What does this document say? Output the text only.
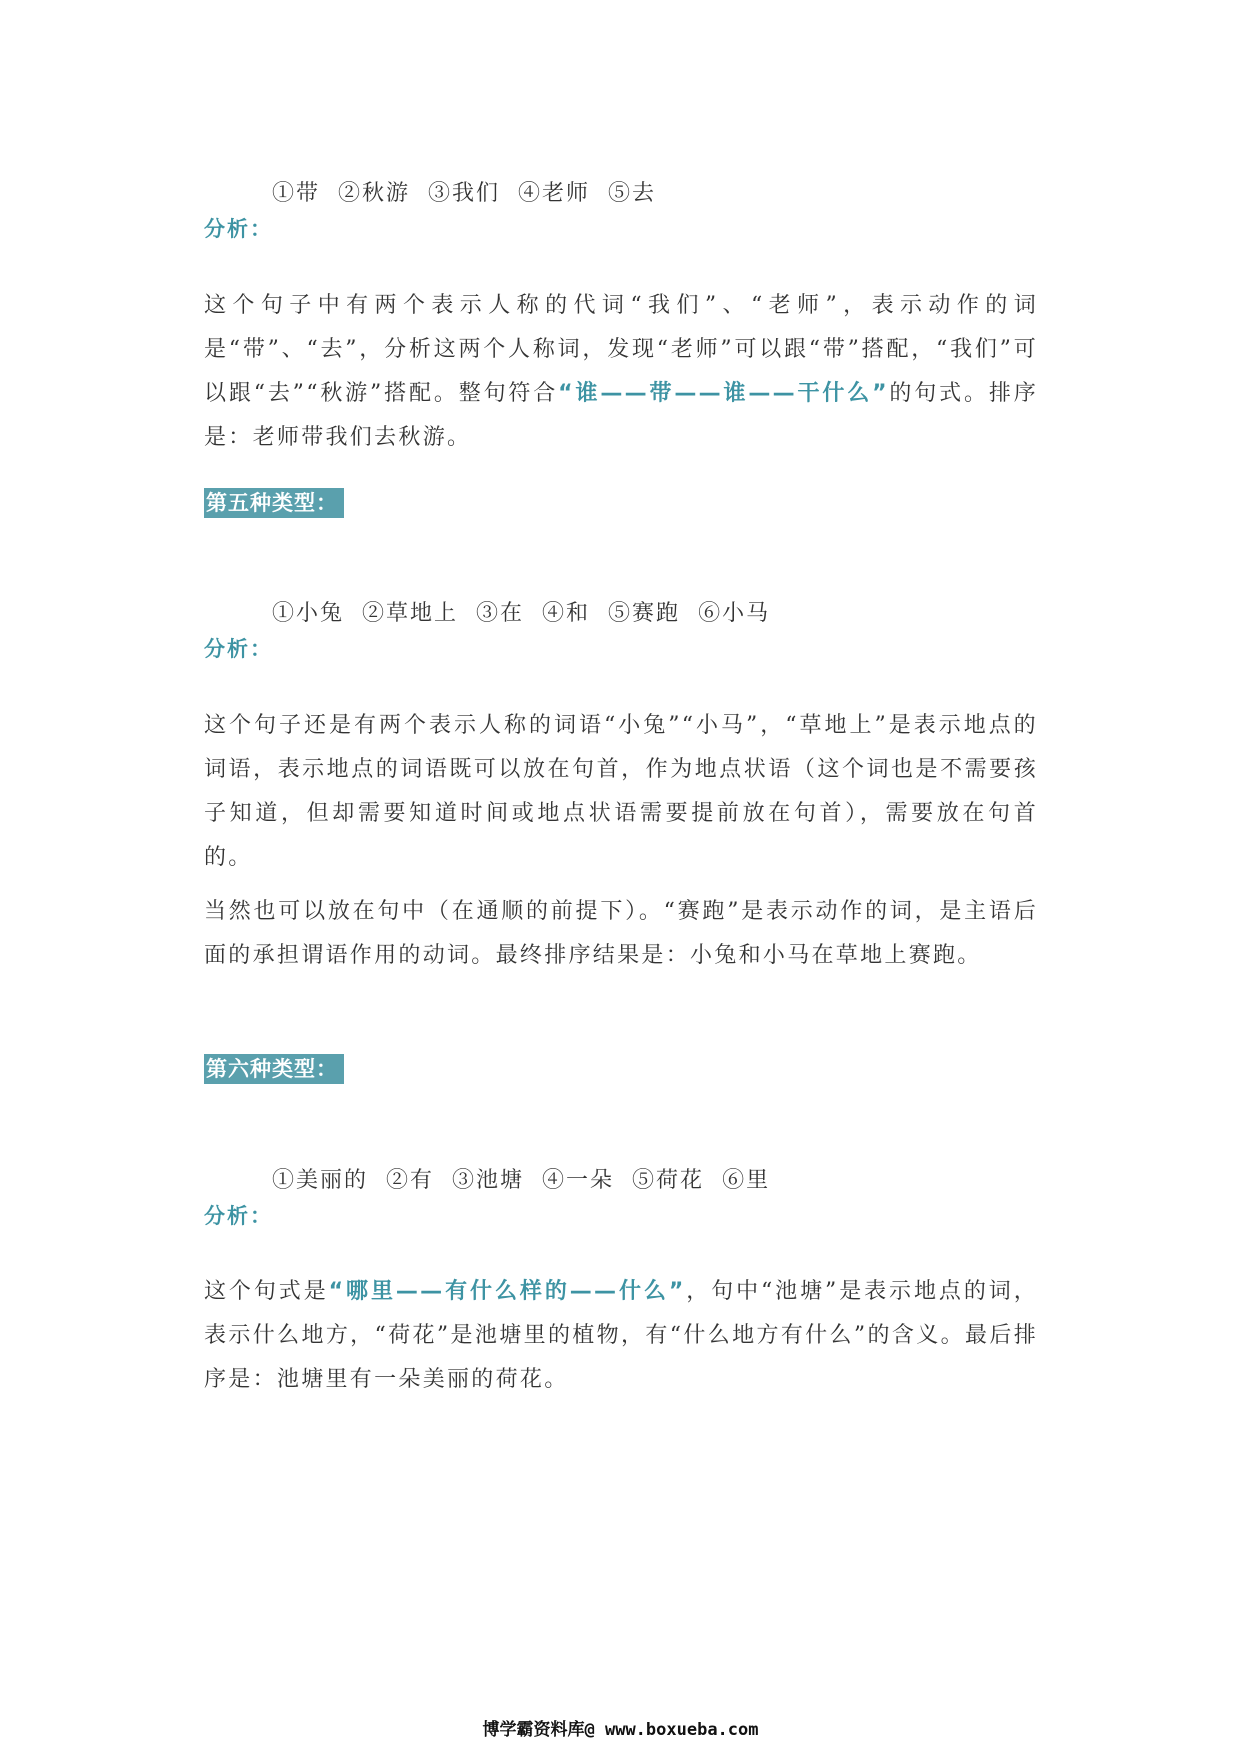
①带 ②秋游 ③我们 ④老师 ⑤去

分析：
这个句子中有两个表示人称的代词“我们”、“老师”，表示动作的词是“带”、“去”，分析这两个人称词，发现“老师”可以跟“带”搭配，“我们”可以跟“去”“秋游”搭配。整句符合“谁——带——谁——干什么”的句式。排序是：老师带我们去秋游。
第五种类型：

①小兔 ②草地上 ③在 ④和 ⑤赛跑 ⑥小马

分析：
这个句子还是有两个表示人称的词语“小兔”“小马”，“草地上”是表示地点的词语，表示地点的词语既可以放在句首，作为地点状语（这个词也是不需要孩子知道，但却需要知道时间或地点状语需要提前放在句首），需要放在句首的。
当然也可以放在句中（在通顺的前提下）。“赛跑”是表示动作的词，是主语后面的承担谓语作用的动词。最终排序结果是：小兔和小马在草地上赛跑。
第六种类型：

①美丽的 ②有 ③池塘 ④一朵 ⑤荷花 ⑥里

分析：
这个句式是“哪里——有什么样的——什么”，句中“池塘”是表示地点的词，表示什么地方，“荷花”是池塘里的植物，有“什么地方有什么”的含义。最后排序是：池塘里有一朵美丽的荷花。
博学霸资料库@ www.boxueba.com
